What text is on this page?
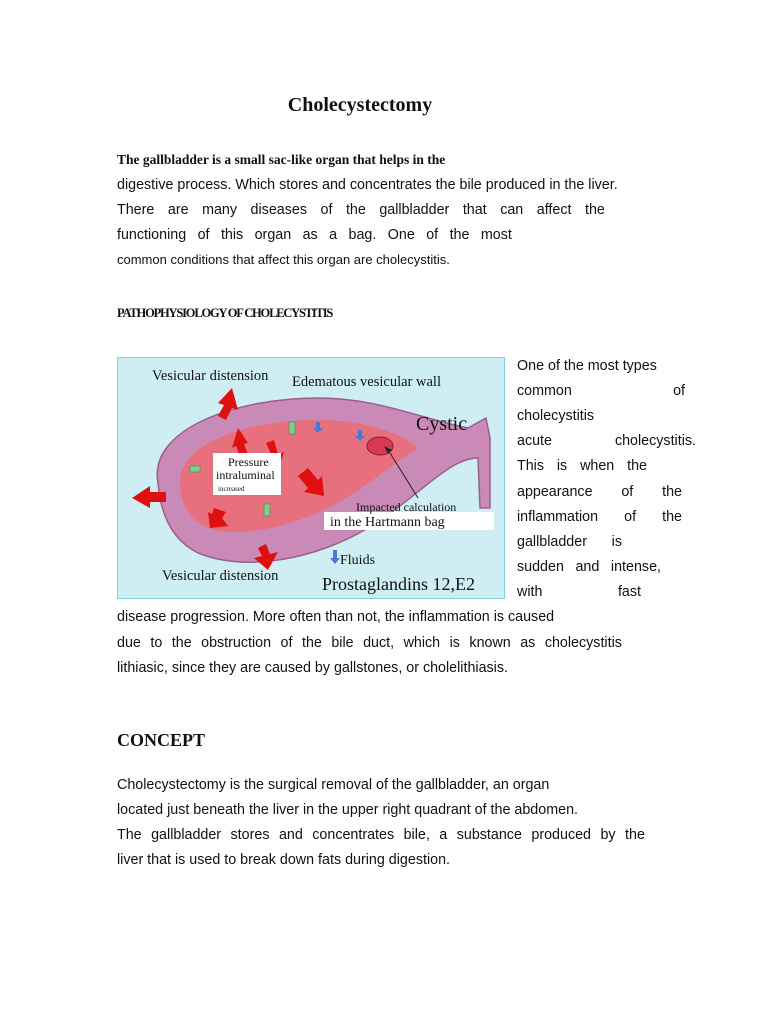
Cholecystectomy
The gallbladder is a small sac-like organ that helps in the
digestive process. Which stores and concentrates the bile produced in the liver.
There are many diseases of the gallbladder that can affect the
functioning of this organ as a bag. One of the most
common conditions that affect this organ are cholecystitis.
PATHOPHYSIOLOGY OF CHOLECYSTITIS
Vesicular distension Edematous vesicular wall
Cystic
Pressure
intraluminal
increased
Impacted calculation
in the Hartmann bag
Fluids
Vesicular distension Prostaglandins 12,E2
One of the most types
common	of
cholecystitis
acute	cholecystitis.
This is when the
appearance of the
inflammation of the
gallbladder is
sudden and intense,
with	fast
disease progression. More often than not, the inflammation is caused
due to the obstruction of the bile duct, which is known as cholecystitis
lithiasic, since they are caused by gallstones, or cholelithiasis.
CONCEPT
Cholecystectomy is the surgical removal of the gallbladder, an organ
located just beneath the liver in the upper right quadrant of the abdomen.
The gallbladder stores and concentrates bile, a substance produced by the
liver that is used to break down fats during digestion.
